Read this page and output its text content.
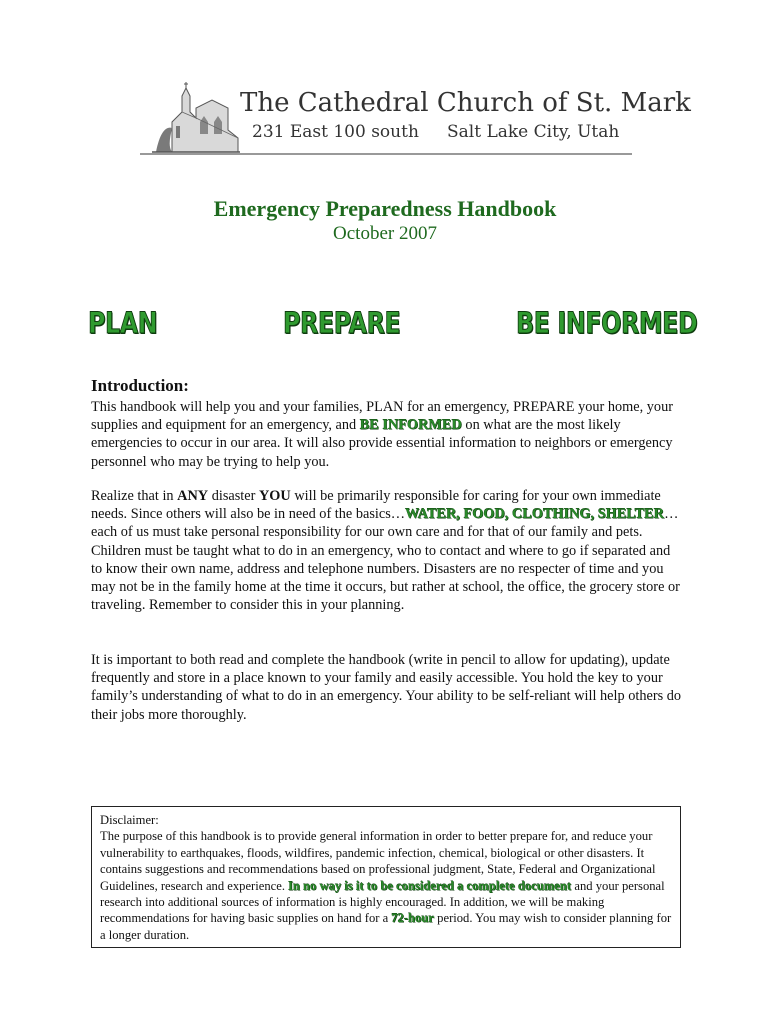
The Cathedral Church of St. Mark
231 East 100 south Salt Lake City, Utah
Emergency Preparedness Handbook
October 2007
PLAN	PREPARE	BE INFORMED
Introduction:

This handbook will help you and your families, PLAN for an emergency, PREPARE your home, your supplies and equipment for an emergency, and BE INFORMED on what are the most likely emergencies to occur in our area. It will also provide essential information to neighbors or emergency personnel who may be trying to help you.

Realize that in ANY disaster YOU will be primarily responsible for caring for your own immediate needs. Since others will also be in need of the basics…WATER, FOOD, CLOTHING, SHELTER…each of us must take personal responsibility for our own care and for that of our family and pets. Children must be taught what to do in an emergency, who to contact and where to go if separated and to know their own name, address and telephone numbers. Disasters are no respecter of time and you may not be in the family home at the time it occurs, but rather at school, the office, the grocery store or traveling. Remember to consider this in your planning.

It is important to both read and complete the handbook (write in pencil to allow for updating), update frequently and store in a place known to your family and easily accessible. You hold the key to your family’s understanding of what to do in an emergency. Your ability to be self-reliant will help others do their jobs more thoroughly.

Disclaimer:

The purpose of this handbook is to provide general information in order to better prepare for, and reduce your vulnerability to earthquakes, floods, wildfires, pandemic infection, chemical, biological or other disasters. It contains suggestions and recommendations based on professional judgment, State, Federal and Organizational Guidelines, research and experience. In no way is it to be considered a complete document and your personal research into additional sources of information is highly encouraged. In addition, we will be making recommendations for having basic supplies on hand for a 72-hour period. You may wish to consider planning for a longer duration.
